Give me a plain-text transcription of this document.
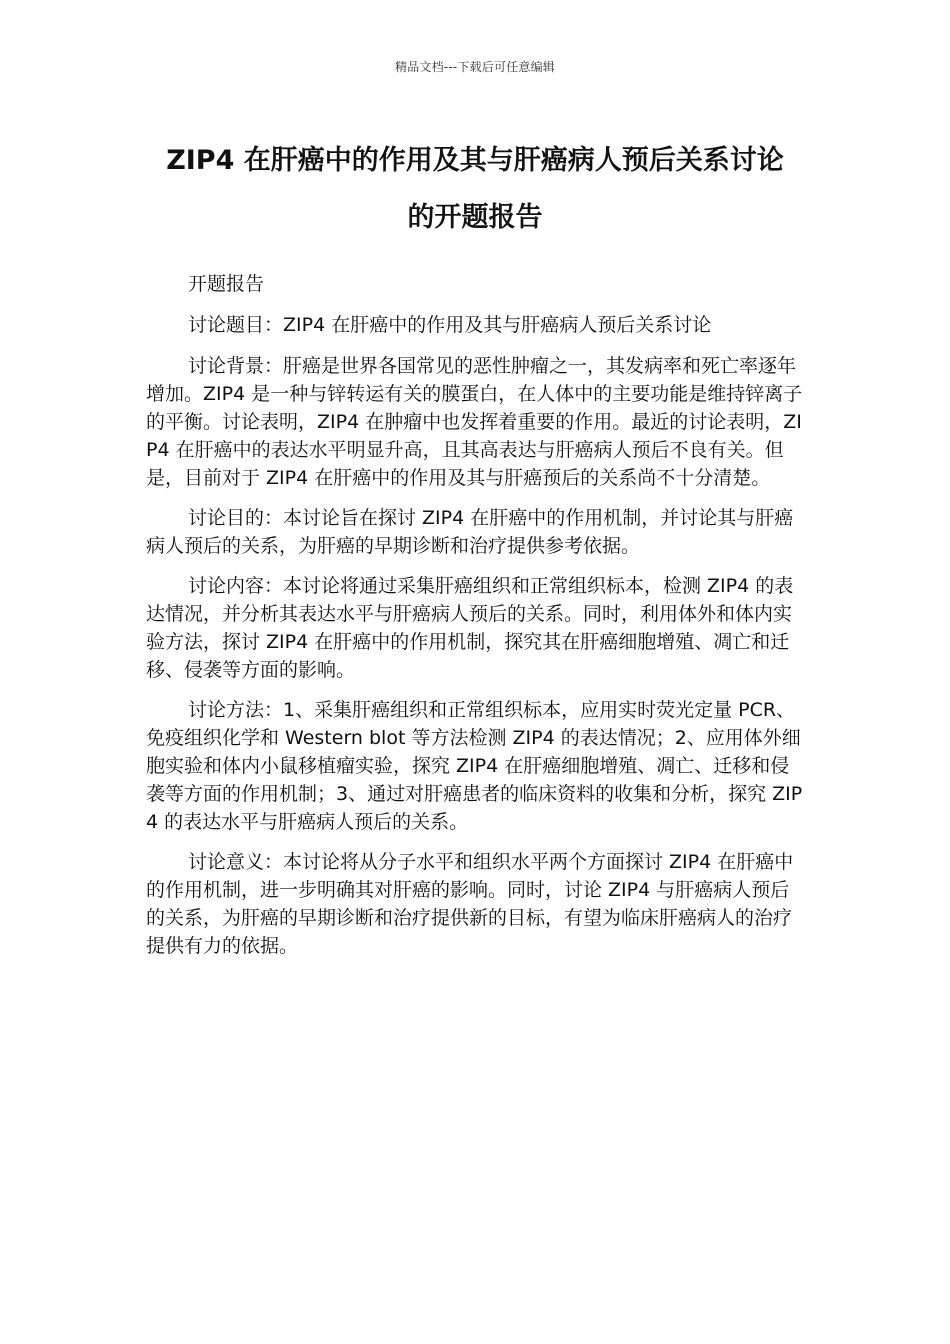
精品文档---下载后可任意编辑
ZIP4 在肝癌中的作用及其与肝癌病人预后关系讨论
的开题报告

开题报告

讨论题目：ZIP4 在肝癌中的作用及其与肝癌病人预后关系讨论

讨论背景：肝癌是世界各国常见的恶性肿瘤之一，其发病率和死亡率逐年增加。ZIP4 是一种与锌转运有关的膜蛋白，在人体中的主要功能是维持锌离子的平衡。讨论表明，ZIP4 在肿瘤中也发挥着重要的作用。最近的讨论表明，ZIP4 在肝癌中的表达水平明显升高，且其高表达与肝癌病人预后不良有关。但是，目前对于 ZIP4 在肝癌中的作用及其与肝癌预后的关系尚不十分清楚。

讨论目的：本讨论旨在探讨 ZIP4 在肝癌中的作用机制，并讨论其与肝癌病人预后的关系，为肝癌的早期诊断和治疗提供参考依据。

讨论内容：本讨论将通过采集肝癌组织和正常组织标本，检测 ZIP4 的表达情况，并分析其表达水平与肝癌病人预后的关系。同时，利用体外和体内实验方法，探讨 ZIP4 在肝癌中的作用机制，探究其在肝癌细胞增殖、凋亡和迁移、侵袭等方面的影响。

讨论方法：1、采集肝癌组织和正常组织标本，应用实时荧光定量 PCR、免疫组织化学和 Western blot 等方法检测 ZIP4 的表达情况；2、应用体外细胞实验和体内小鼠移植瘤实验，探究 ZIP4 在肝癌细胞增殖、凋亡、迁移和侵袭等方面的作用机制；3、通过对肝癌患者的临床资料的收集和分析，探究 ZIP4 的表达水平与肝癌病人预后的关系。

讨论意义：本讨论将从分子水平和组织水平两个方面探讨 ZIP4 在肝癌中的作用机制，进一步明确其对肝癌的影响。同时，讨论 ZIP4 与肝癌病人预后的关系，为肝癌的早期诊断和治疗提供新的目标，有望为临床肝癌病人的治疗提供有力的依据。
